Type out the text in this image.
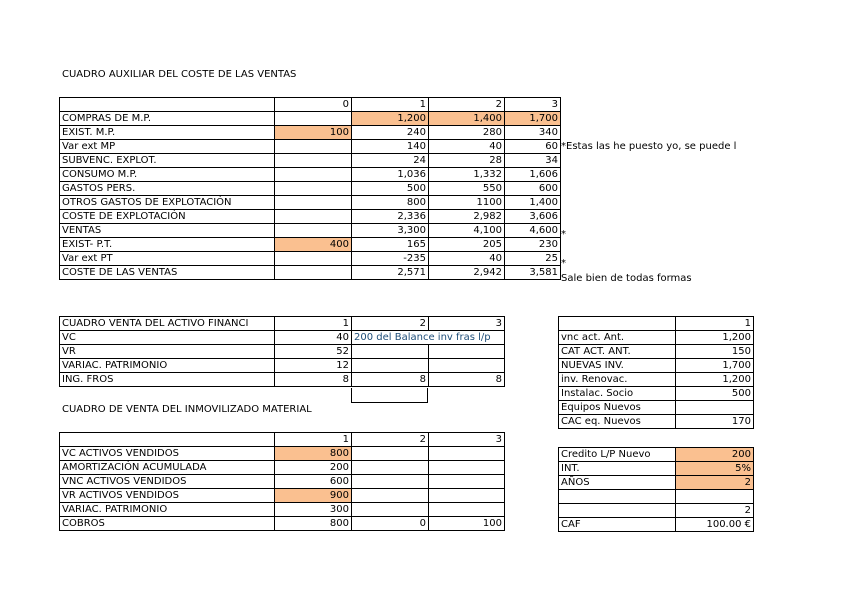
CUADRO AUXILIAR DEL COSTE DE LAS VENTAS
	0	1	2	3
COMPRAS DE M.P.		1,200	1,400	1,700
EXIST. M.P.	100	240	280	340
Var ext MP		140	40	60
SUBVENC. EXPLOT.		24	28	34
CONSUMO M.P.		1,036	1,332	1,606
GASTOS PERS.		500	550	600
OTROS GASTOS DE EXPLOTACIÓN		800	1100	1,400
COSTE DE EXPLOTACIÓN		2,336	2,982	3,606
VENTAS		3,300	4,100	4,600
EXIST- P.T.	400	165	205	230
Var ext PT		-235	40	25
COSTE DE LAS VENTAS		2,571	2,942	3,581
*Estas las he puesto yo, se puede l
*
*
Sale bien de todas formas
CUADRO VENTA DEL ACTIVO FINANCI	1	2	3
VC	40	200 del Balance inv fras l/p	
VR	52		
VARIAC. PATRIMONIO	12		
ING. FROS	8	8	8
CUADRO DE VENTA DEL INMOVILIZADO MATERIAL
	1	2	3
VC ACTIVOS VENDIDOS	800		
AMORTIZACIÓN ACUMULADA	200		
VNC ACTIVOS VENDIDOS	600		
VR ACTIVOS VENDIDOS	900		
VARIAC. PATRIMONIO	300		
COBROS	800	0	100
	1
vnc act. Ant.	1,200
CAT ACT. ANT.	150
NUEVAS INV.	1,700
inv. Renovac.	1,200
Instalac. Socio	500
Equipos Nuevos	
CAC eq. Nuevos	170
Credito L/P Nuevo	200
INT.	5%
AÑOS	2

	2
CAF	100.00 €
